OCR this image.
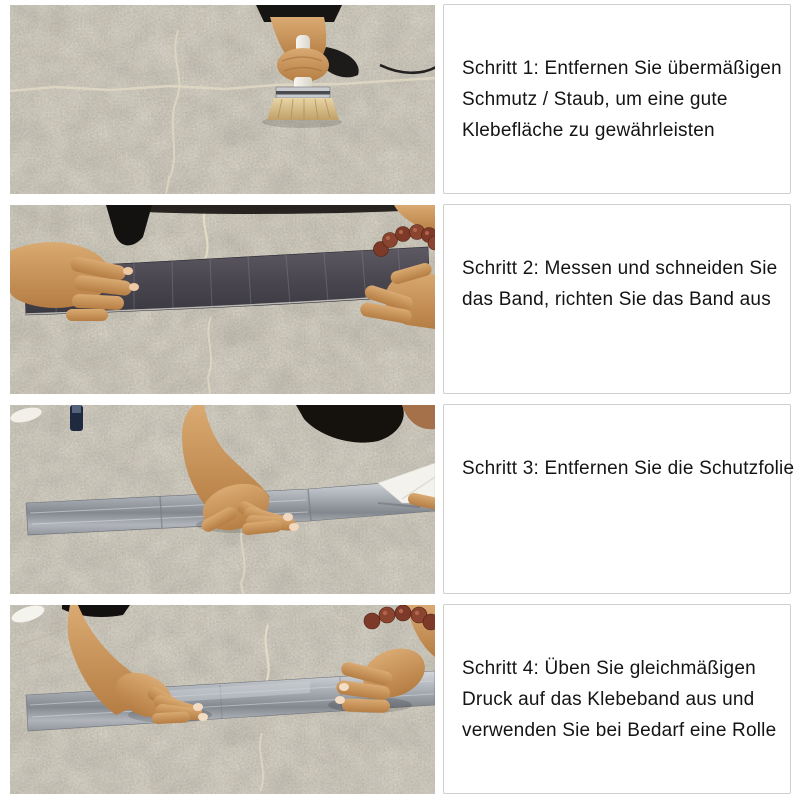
Schritt 1: Entfernen Sie übermäßigen
Schmutz / Staub, um eine gute
Klebefläche zu gewährleisten
Schritt 2: Messen und schneiden Sie
das Band, richten Sie das Band aus
Schritt 3: Entfernen Sie die Schutzfolie
Schritt 4: Üben Sie gleichmäßigen
Druck auf das Klebeband aus und
verwenden Sie bei Bedarf eine Rolle
